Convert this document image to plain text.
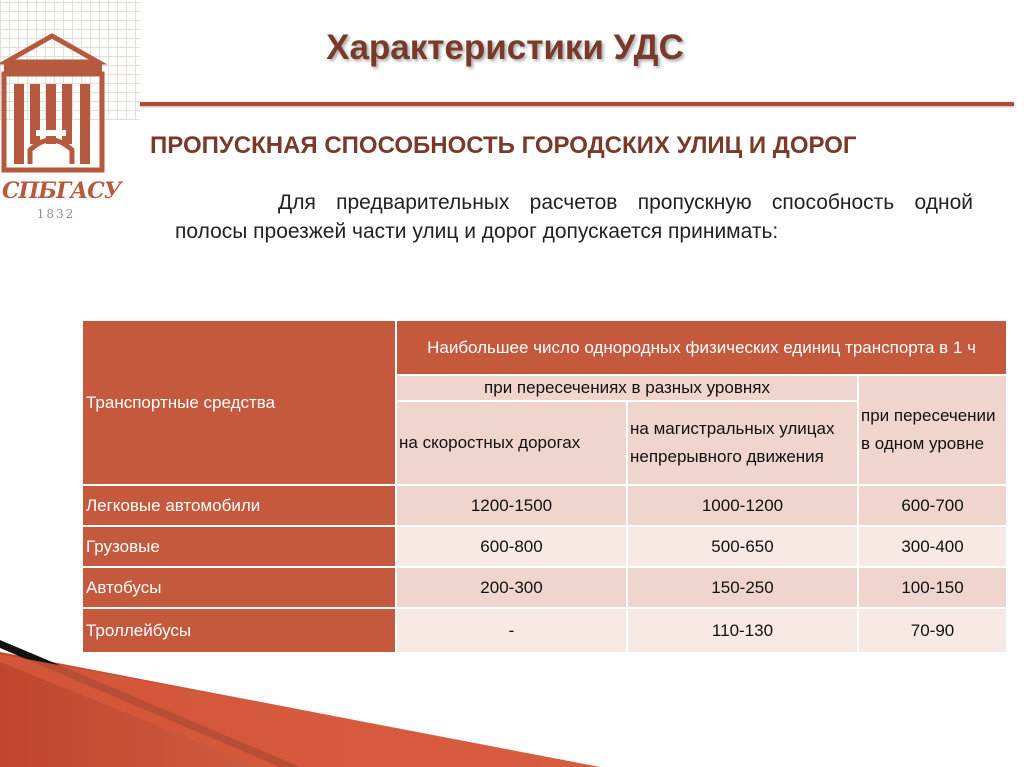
СПБГАСУ
1832
Характеристики УДС
ПРОПУСКНАЯ СПОСОБНОСТЬ ГОРОДСКИХ УЛИЦ И ДОРОГ
Для предварительных расчетов пропускную способность одной полосы проезжей части улиц и дорог допускается принимать:
Транспортные средства	Наибольшее число однородных физических единиц транспорта в 1 ч		
	при пересечениях в разных уровнях		при пересечении в одном уровне
	на скоростных дорогах	на магистральных улицах непрерывного движения	
Легковые автомобили	1200-1500	1000-1200	600-700
Грузовые	600-800	500-650	300-400
Автобусы	200-300	150-250	100-150
Троллейбусы	-	110-130	70-90
